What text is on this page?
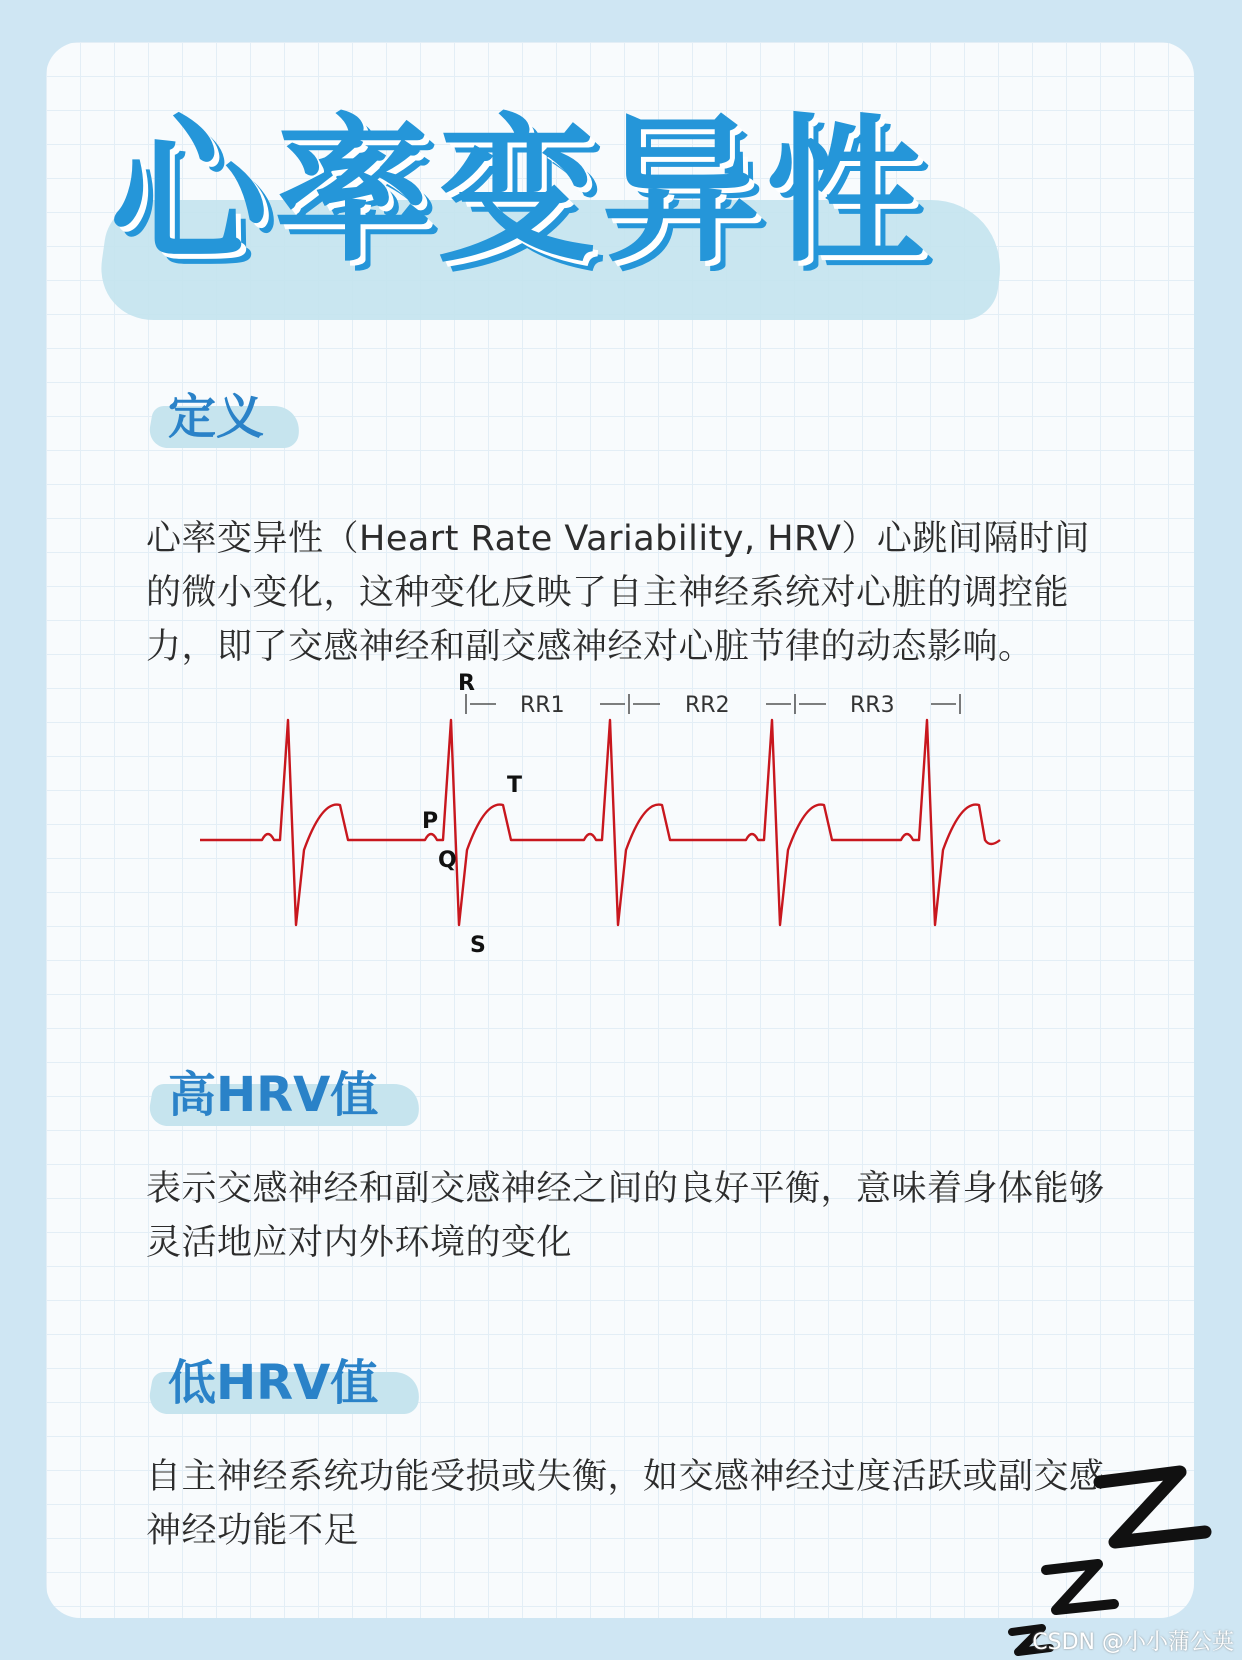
心率变异性
定义

心率变异性（Heart Rate Variability, HRV）心跳间隔时间的微小变化，这种变化反映了自主神经系统对心脏的调控能力，即了交感神经和副交感神经对心脏节律的动态影响。

R
P
Q
S
T
RR1	RR2	RR3
高HRV值

表示交感神经和副交感神经之间的良好平衡，意味着身体能够灵活地应对内外环境的变化

低HRV值

自主神经系统功能受损或失衡，如交感神经过度活跃或副交感神经功能不足

CSDN @小小蒲公英
